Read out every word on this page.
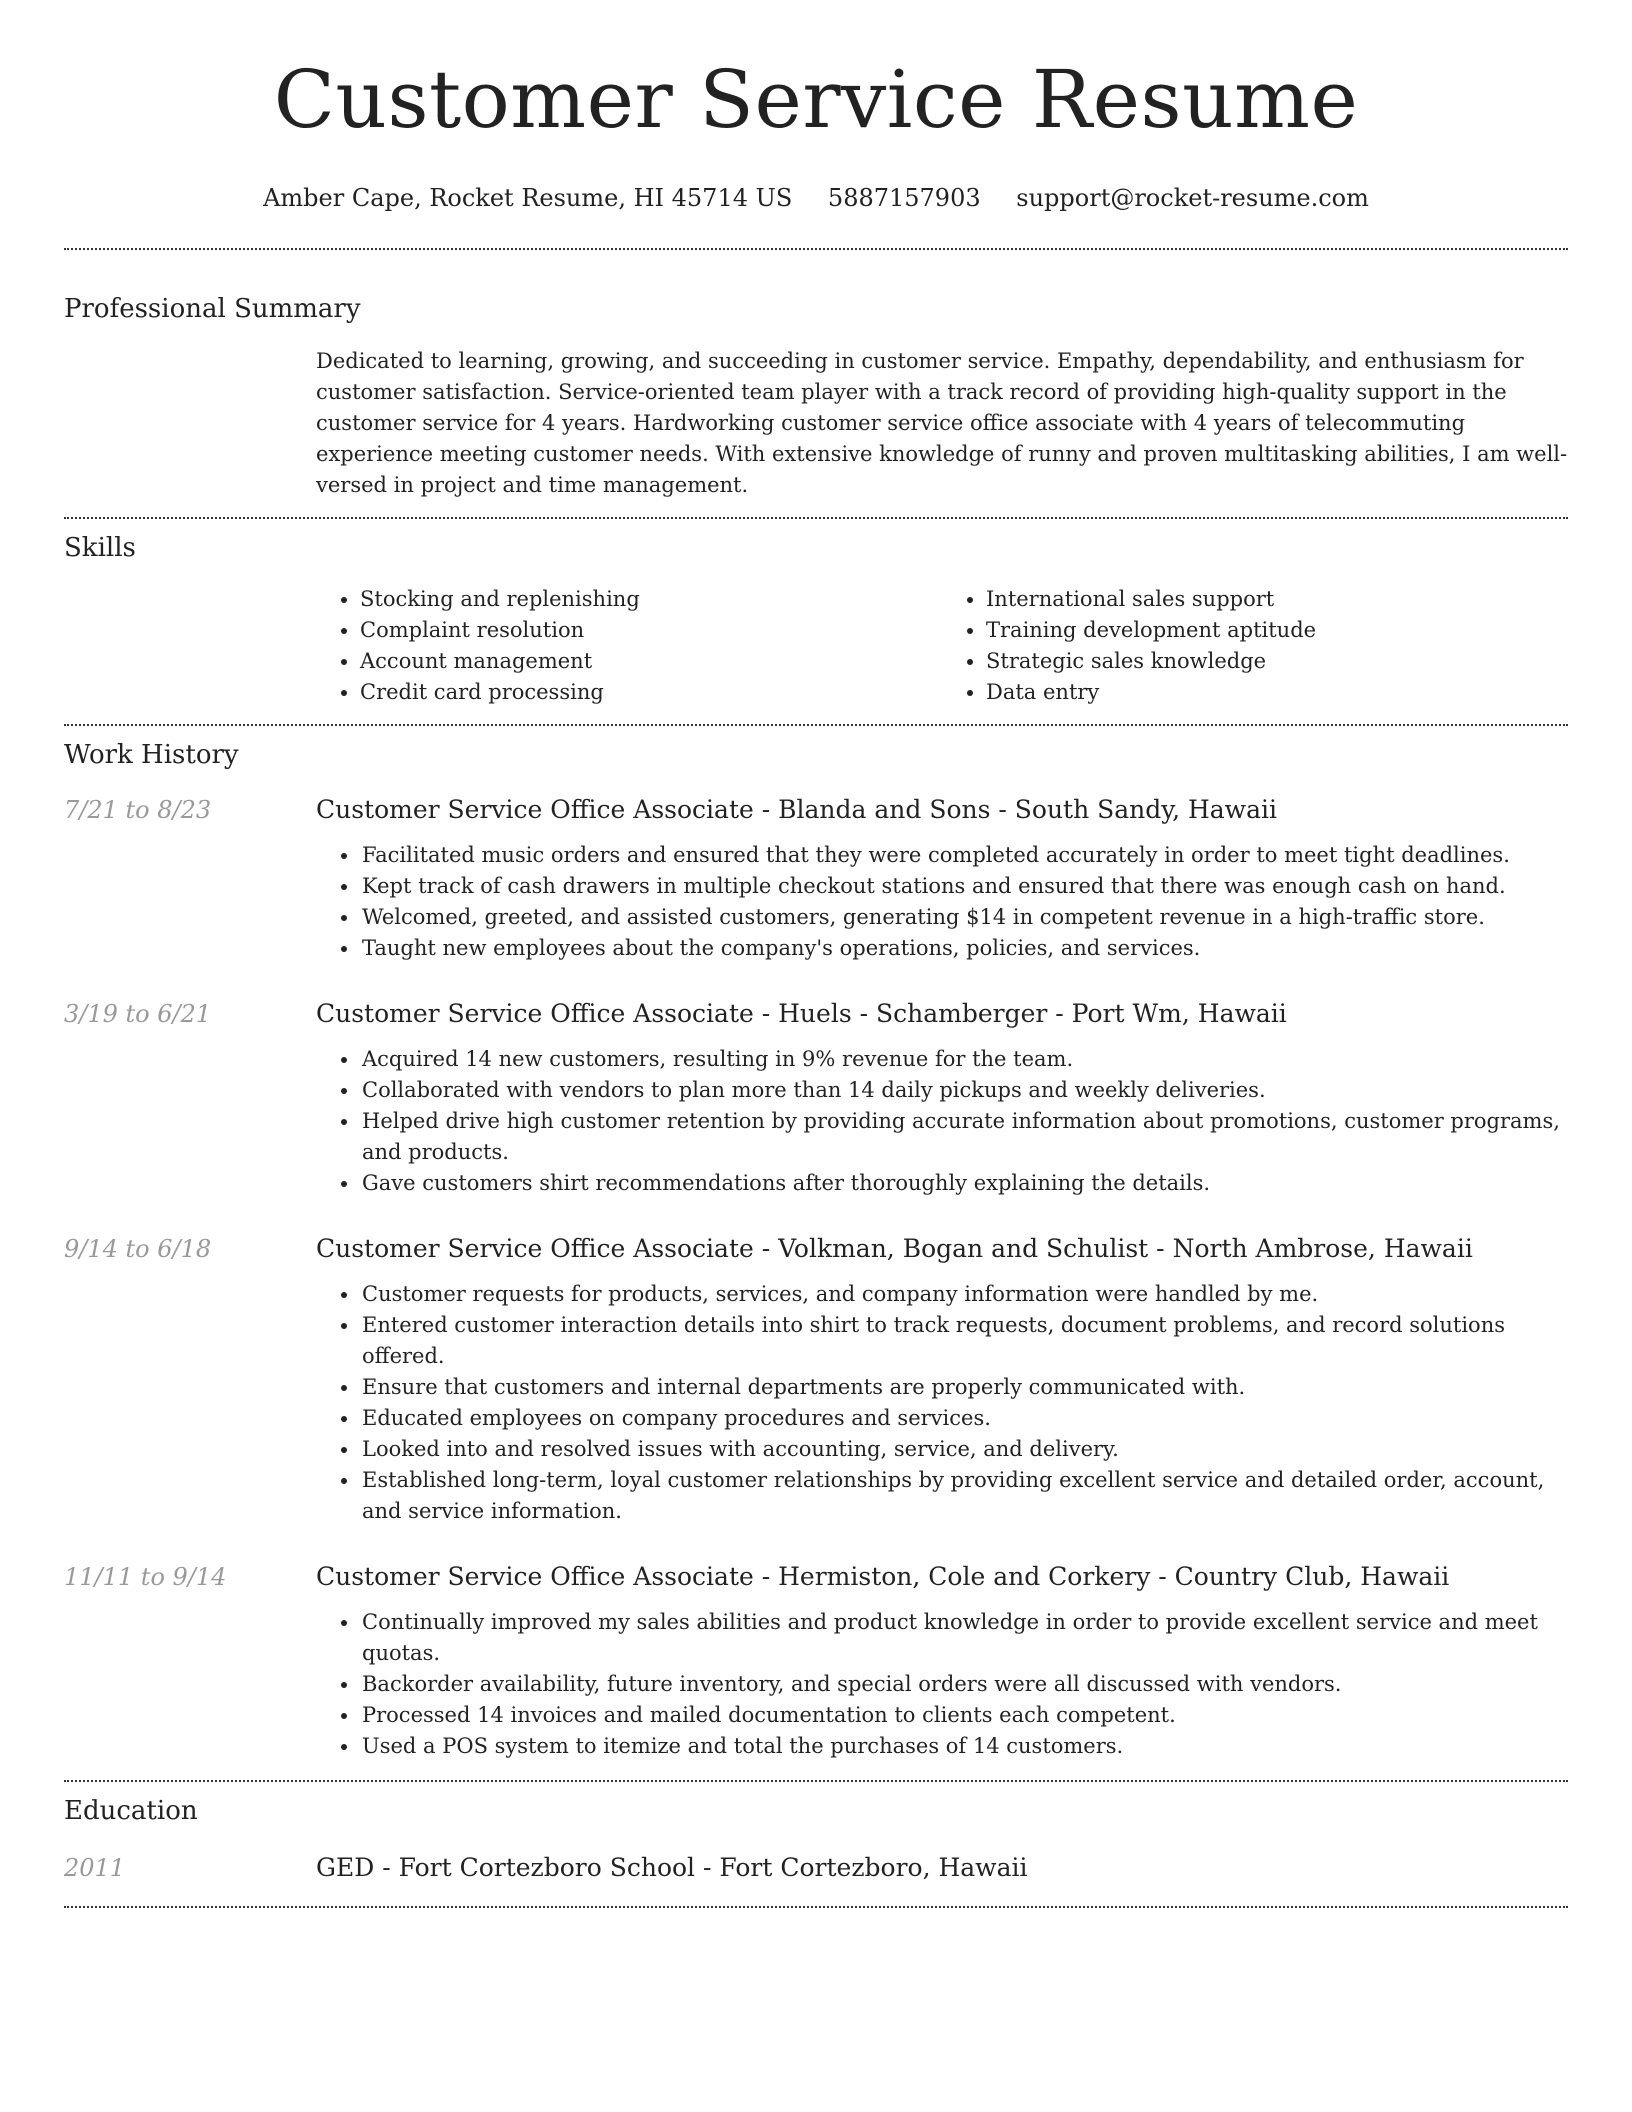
Customer Service Resume
Amber Cape, Rocket Resume, HI 45714 US 5887157903 support@rocket-resume.com
Professional Summary
Dedicated to learning, growing, and succeeding in customer service. Empathy, dependability, and enthusiasm for customer satisfaction. Service-oriented team player with a track record of providing high-quality support in the customer service for 4 years. Hardworking customer service office associate with 4 years of telecommuting experience meeting customer needs. With extensive knowledge of runny and proven multitasking abilities, I am well-versed in project and time management.
Skills
• Stocking and replenishing
• Complaint resolution
• Account management
• Credit card processing
• International sales support
• Training development aptitude
• Strategic sales knowledge
• Data entry
Work History
7/21 to 8/23	Customer Service Office Associate - Blanda and Sons - South Sandy, Hawaii
• Facilitated music orders and ensured that they were completed accurately in order to meet tight deadlines.
• Kept track of cash drawers in multiple checkout stations and ensured that there was enough cash on hand.
• Welcomed, greeted, and assisted customers, generating $14 in competent revenue in a high-traffic store.
• Taught new employees about the company's operations, policies, and services.
3/19 to 6/21	Customer Service Office Associate - Huels - Schamberger - Port Wm, Hawaii
• Acquired 14 new customers, resulting in 9% revenue for the team.
• Collaborated with vendors to plan more than 14 daily pickups and weekly deliveries.
• Helped drive high customer retention by providing accurate information about promotions, customer programs, and products.
• Gave customers shirt recommendations after thoroughly explaining the details.
9/14 to 6/18	Customer Service Office Associate - Volkman, Bogan and Schulist - North Ambrose, Hawaii
• Customer requests for products, services, and company information were handled by me.
• Entered customer interaction details into shirt to track requests, document problems, and record solutions offered.
• Ensure that customers and internal departments are properly communicated with.
• Educated employees on company procedures and services.
• Looked into and resolved issues with accounting, service, and delivery.
• Established long-term, loyal customer relationships by providing excellent service and detailed order, account, and service information.
11/11 to 9/14	Customer Service Office Associate - Hermiston, Cole and Corkery - Country Club, Hawaii
• Continually improved my sales abilities and product knowledge in order to provide excellent service and meet quotas.
• Backorder availability, future inventory, and special orders were all discussed with vendors.
• Processed 14 invoices and mailed documentation to clients each competent.
• Used a POS system to itemize and total the purchases of 14 customers.
Education
2011	GED - Fort Cortezboro School - Fort Cortezboro, Hawaii
